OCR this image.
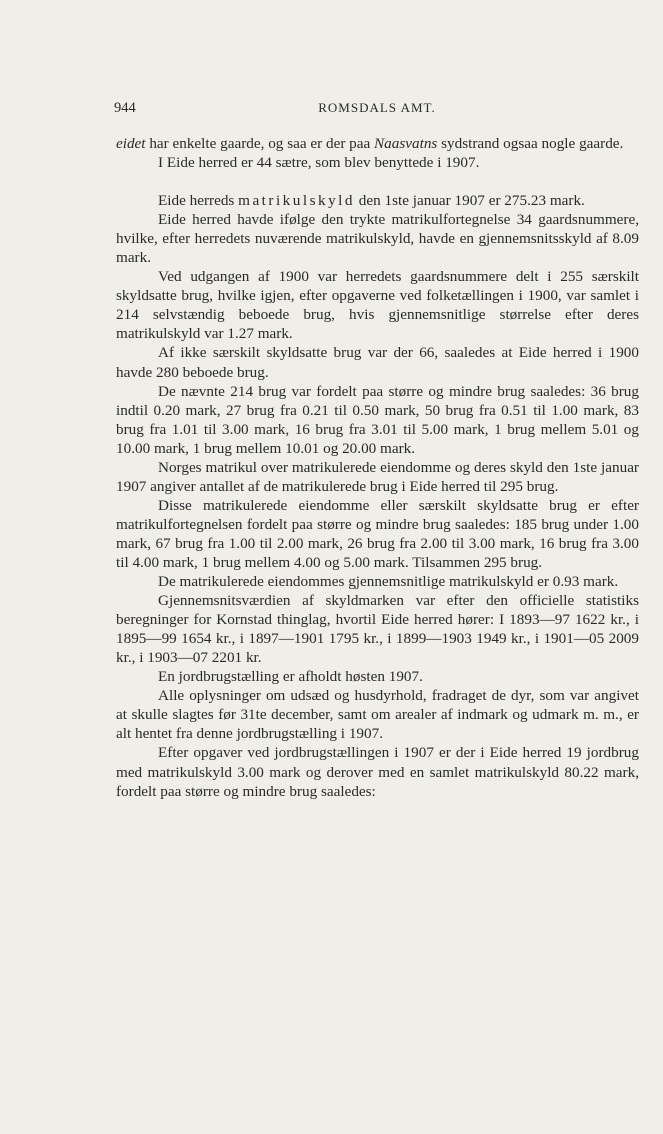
944	ROMSDALS AMT.

eidet har enkelte gaarde, og saa er der paa Naasvatns sydstrand ogsaa nogle gaarde.

I Eide herred er 44 sætre, som blev benyttede i 1907.

Eide herreds matrikulskyld den 1ste januar 1907 er 275.23 mark.

Eide herred havde ifølge den trykte matrikulfortegnelse 34 gaardsnummere, hvilke, efter herredets nuværende matrikulskyld, havde en gjennemsnitsskyld af 8.09 mark.

Ved udgangen af 1900 var herredets gaardsnummere delt i 255 særskilt skyldsatte brug, hvilke igjen, efter opgaverne ved folketællingen i 1900, var samlet i 214 selvstændig beboede brug, hvis gjennemsnitlige størrelse efter deres matrikulskyld var 1.27 mark.

Af ikke særskilt skyldsatte brug var der 66, saaledes at Eide herred i 1900 havde 280 beboede brug.

De nævnte 214 brug var fordelt paa større og mindre brug saaledes: 36 brug indtil 0.20 mark, 27 brug fra 0.21 til 0.50 mark, 50 brug fra 0.51 til 1.00 mark, 83 brug fra 1.01 til 3.00 mark, 16 brug fra 3.01 til 5.00 mark, 1 brug mellem 5.01 og 10.00 mark, 1 brug mellem 10.01 og 20.00 mark.

Norges matrikul over matrikulerede eiendomme og deres skyld den 1ste januar 1907 angiver antallet af de matrikulerede brug i Eide herred til 295 brug.

Disse matrikulerede eiendomme eller særskilt skyldsatte brug er efter matrikulfortegnelsen fordelt paa større og mindre brug saaledes: 185 brug under 1.00 mark, 67 brug fra 1.00 til 2.00 mark, 26 brug fra 2.00 til 3.00 mark, 16 brug fra 3.00 til 4.00 mark, 1 brug mellem 4.00 og 5.00 mark. Tilsammen 295 brug.

De matrikulerede eiendommes gjennemsnitlige matrikulskyld er 0.93 mark.

Gjennemsnitsværdien af skyldmarken var efter den officielle statistiks beregninger for Kornstad thinglag, hvortil Eide herred hører: I 1893—97 1622 kr., i 1895—99 1654 kr., i 1897—1901 1795 kr., i 1899—1903 1949 kr., i 1901—05 2009 kr., i 1903—07 2201 kr.

En jordbrugstælling er afholdt høsten 1907.

Alle oplysninger om udsæd og husdyrhold, fradraget de dyr, som var angivet at skulle slagtes før 31te december, samt om arealer af indmark og udmark m. m., er alt hentet fra denne jordbrugstælling i 1907.

Efter opgaver ved jordbrugstællingen i 1907 er der i Eide herred 19 jordbrug med matrikulskyld 3.00 mark og derover med en samlet matrikulskyld 80.22 mark, fordelt paa større og mindre brug saaledes:
